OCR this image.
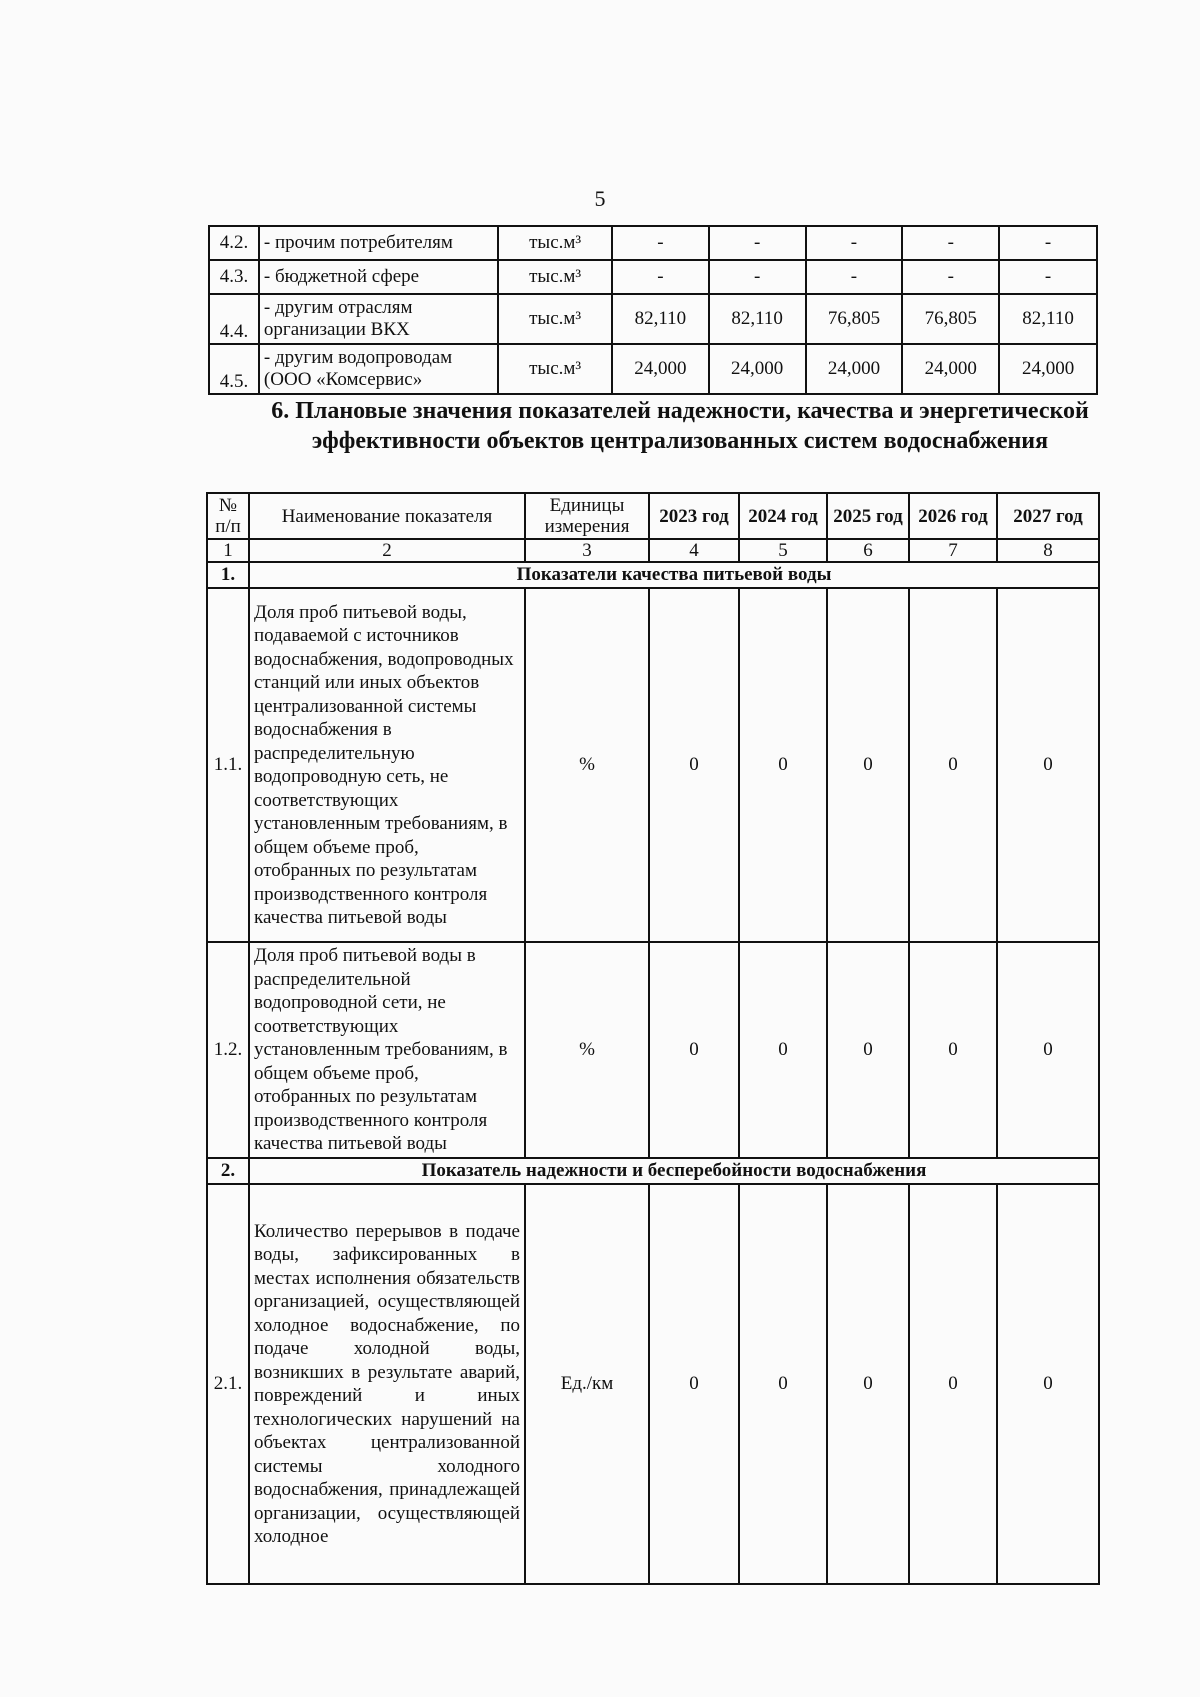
5
4.2.	- прочим потребителям	тыс.м³	-	-	-	-	-
4.3.	- бюджетной сфере	тыс.м³	-	-	-	-	-
4.4.	- другим отраслям организации ВКХ	тыс.м³	82,110	82,110	76,805	76,805	82,110
4.5.	- другим водопроводам (ООО «Комсервис»	тыс.м³	24,000	24,000	24,000	24,000	24,000
6. Плановые значения показателей надежности, качества и энергетической эффективности объектов централизованных систем водоснабжения
№ п/п	Наименование показателя	Единицы измерения	2023 год	2024 год	2025 год	2026 год	2027 год
1	2	3	4	5	6	7	8
1.	Показатели качества питьевой воды						
1.1.	Доля проб питьевой воды, подаваемой с источников водоснабжения, водопроводных станций или иных объектов централизованной системы водоснабжения в распределительную водопроводную сеть, не соответствующих установленным требованиям, в общем объеме проб, отобранных по результатам производственного контроля качества питьевой воды	%	0	0	0	0	0
1.2.	Доля проб питьевой воды в распределительной водопроводной сети, не соответствующих установленным требованиям, в общем объеме проб, отобранных по результатам производственного контроля качества питьевой воды	%	0	0	0	0	0
2.	Показатель надежности и бесперебойности водоснабжения						
2.1.	Количество перерывов в подаче воды, зафиксированных в местах исполнения обязательств организацией, осуществляющей холодное водоснабжение, по подаче холодной воды, возникших в результате аварий, повреждений и иных технологических нарушений на объектах централизованной системы холодного водоснабжения, принадлежащей организации, осуществляющей холодное	Ед./км	0	0	0	0	0
